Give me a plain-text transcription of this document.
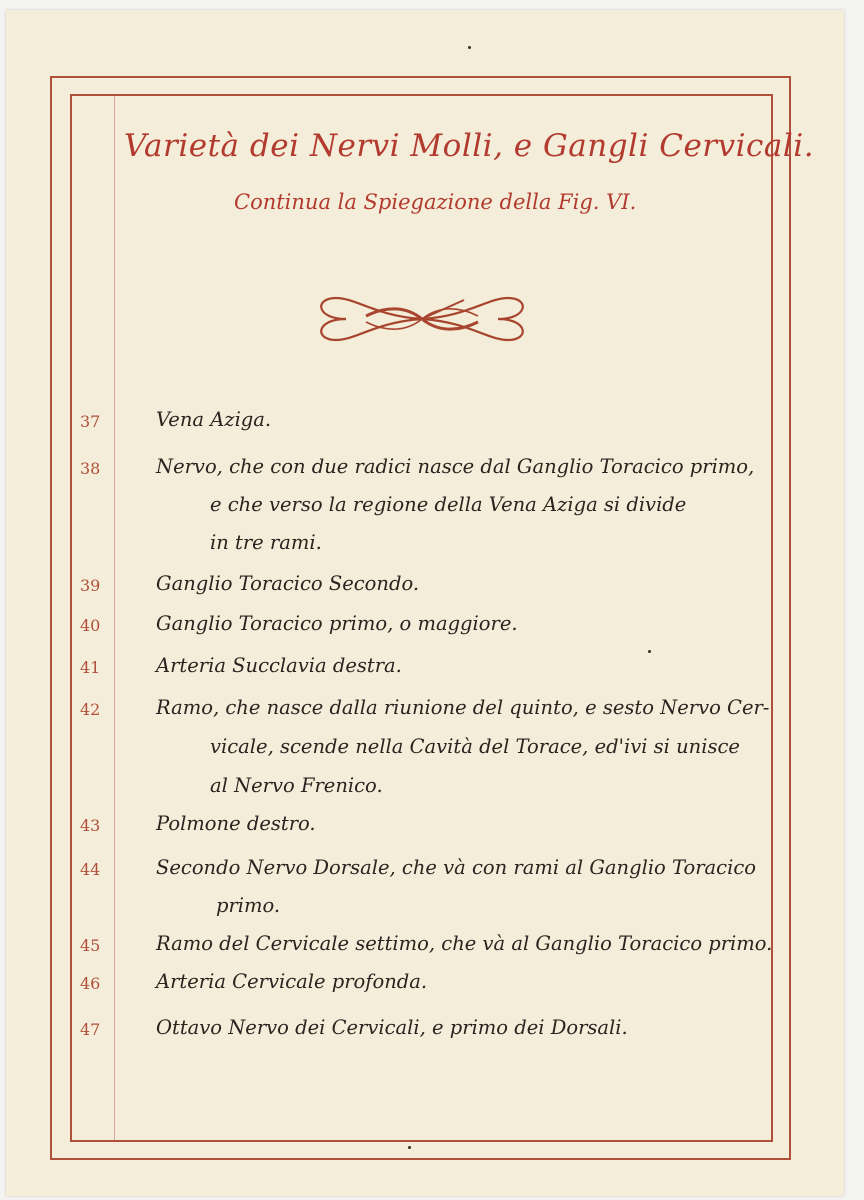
Varietà dei Nervi Molli, e Gangli Cervicali.
Continua la Spiegazione della Fig. VI.
37	Vena Aziga.
38	Nervo, che con due radici nasce dal Ganglio Toracico primo,
e che verso la regione della Vena Aziga si divide
in tre rami.
39	Ganglio Toracico Secondo.
40	Ganglio Toracico primo, o maggiore.
41	Arteria Succlavia destra.
42	Ramo, che nasce dalla riunione del quinto, e sesto Nervo Cer-
vicale, scende nella Cavità del Torace, ed'ivi si unisce
al Nervo Frenico.
43	Polmone destro.
44	Secondo Nervo Dorsale, che và con rami al Ganglio Toracico
primo.
45	Ramo del Cervicale settimo, che và al Ganglio Toracico primo.
46	Arteria Cervicale profonda.
47	Ottavo Nervo dei Cervicali, e primo dei Dorsali.
